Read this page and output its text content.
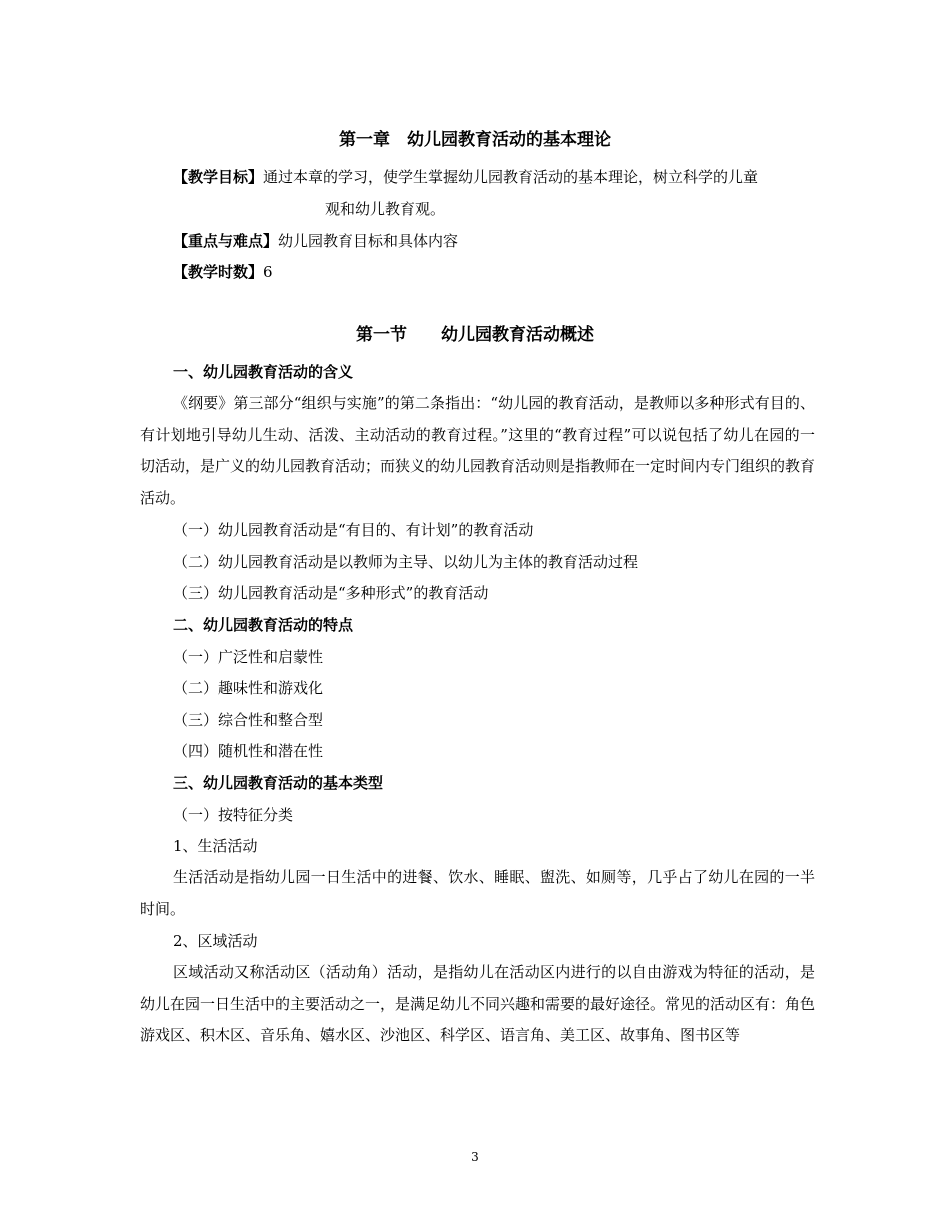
第一章　幼儿园教育活动的基本理论
【教学目标】通过本章的学习，使学生掌握幼儿园教育活动的基本理论，树立科学的儿童
观和幼儿教育观。
【重点与难点】幼儿园教育目标和具体内容
【教学时数】6
第一节　　幼儿园教育活动概述
一、幼儿园教育活动的含义
《纲要》第三部分“组织与实施”的第二条指出：“幼儿园的教育活动，是教师以多种形式有目的、有计划地引导幼儿生动、活泼、主动活动的教育过程。”这里的“教育过程”可以说包括了幼儿在园的一切活动，是广义的幼儿园教育活动；而狭义的幼儿园教育活动则是指教师在一定时间内专门组织的教育活动。
（一）幼儿园教育活动是“有目的、有计划”的教育活动
（二）幼儿园教育活动是以教师为主导、以幼儿为主体的教育活动过程
（三）幼儿园教育活动是“多种形式”的教育活动
二、幼儿园教育活动的特点
（一）广泛性和启蒙性
（二）趣味性和游戏化
（三）综合性和整合型
（四）随机性和潜在性
三、幼儿园教育活动的基本类型
（一）按特征分类
1、生活活动
生活活动是指幼儿园一日生活中的进餐、饮水、睡眠、盥洗、如厕等，几乎占了幼儿在园的一半时间。
2、区域活动
区域活动又称活动区（活动角）活动，是指幼儿在活动区内进行的以自由游戏为特征的活动，是幼儿在园一日生活中的主要活动之一，是满足幼儿不同兴趣和需要的最好途径。常见的活动区有：角色游戏区、积木区、音乐角、嬉水区、沙池区、科学区、语言角、美工区、故事角、图书区等
3
